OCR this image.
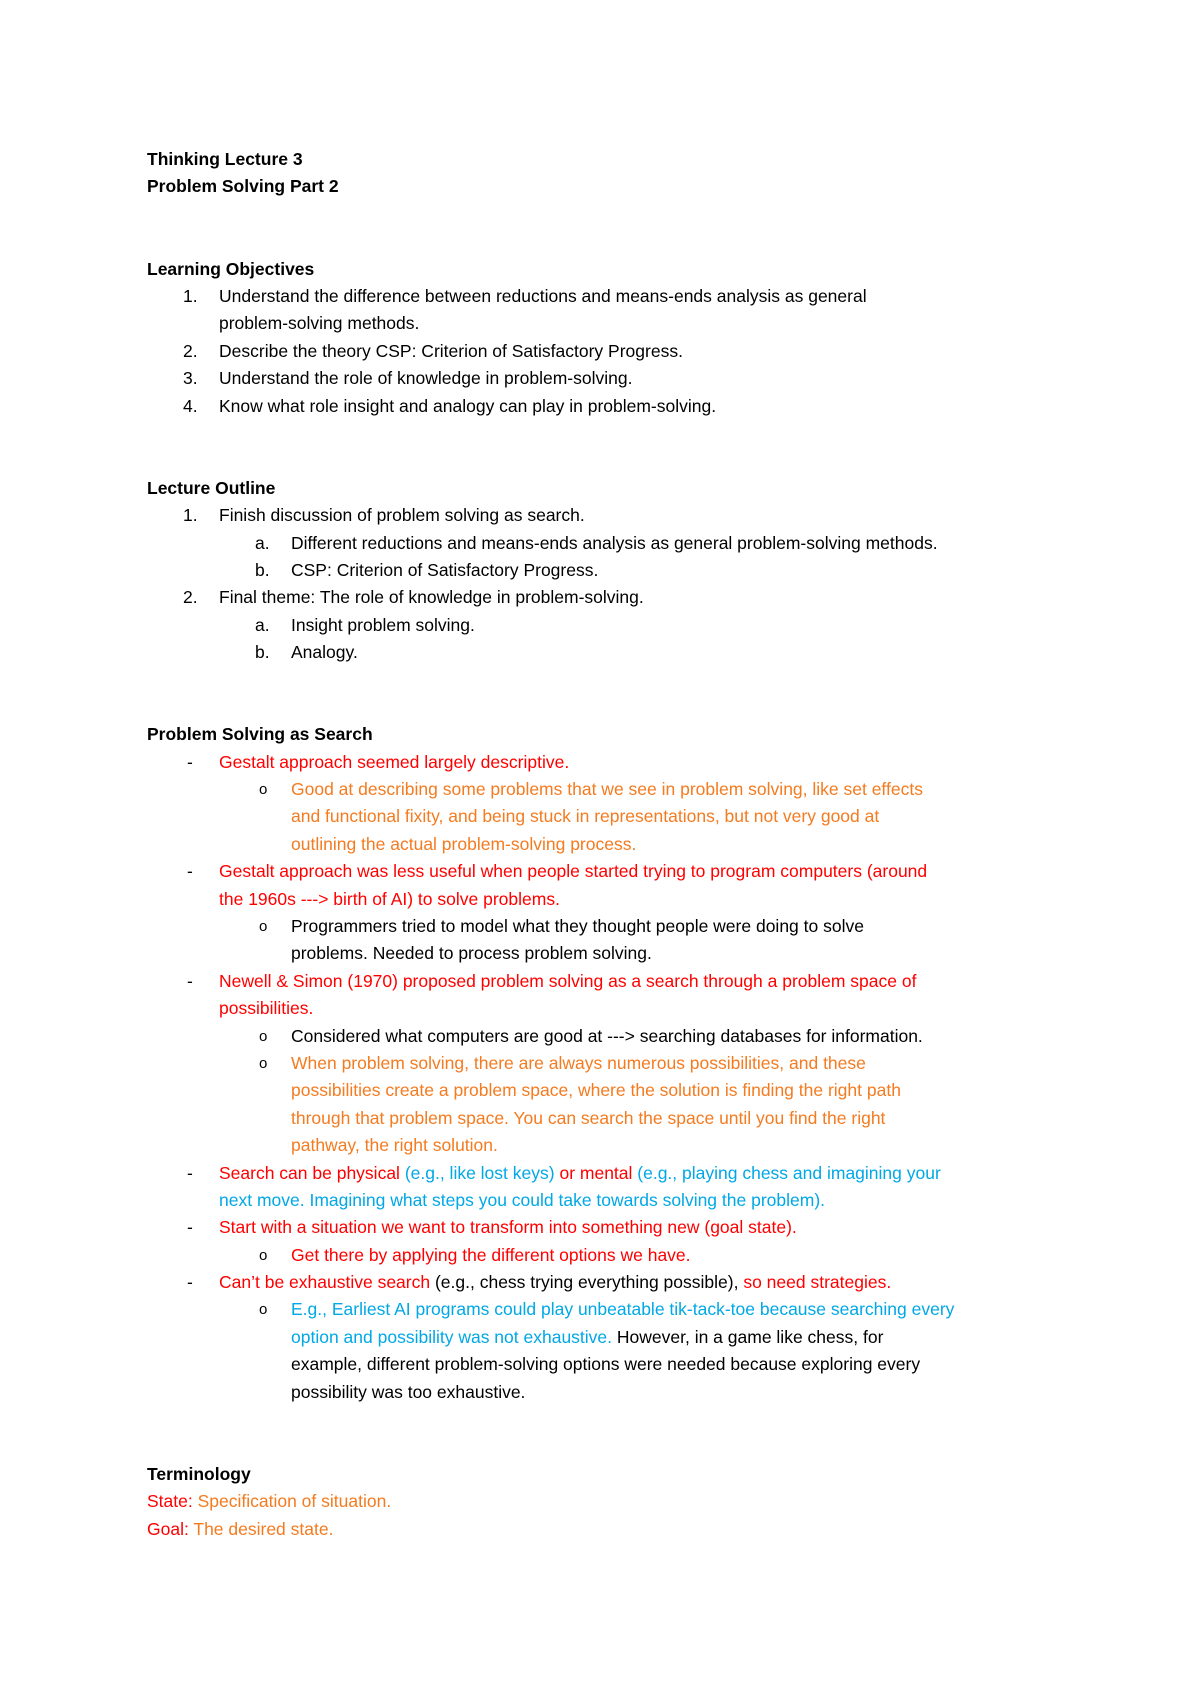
Thinking Lecture 3
Problem Solving Part 2
Learning Objectives
1. Understand the difference between reductions and means-ends analysis as general
problem-solving methods.
2. Describe the theory CSP: Criterion of Satisfactory Progress.
3. Understand the role of knowledge in problem-solving.
4. Know what role insight and analogy can play in problem-solving.
Lecture Outline
1. Finish discussion of problem solving as search.
a. Different reductions and means-ends analysis as general problem-solving methods.
b. CSP: Criterion of Satisfactory Progress.
2. Final theme: The role of knowledge in problem-solving.
a. Insight problem solving.
b. Analogy.
Problem Solving as Search
- Gestalt approach seemed largely descriptive.
o Good at describing some problems that we see in problem solving, like set effects
and functional fixity, and being stuck in representations, but not very good at
outlining the actual problem-solving process.
- Gestalt approach was less useful when people started trying to program computers (around
the 1960s ---> birth of AI) to solve problems.
o Programmers tried to model what they thought people were doing to solve
problems. Needed to process problem solving.
- Newell & Simon (1970) proposed problem solving as a search through a problem space of
possibilities.
o Considered what computers are good at ---> searching databases for information.
o When problem solving, there are always numerous possibilities, and these
possibilities create a problem space, where the solution is finding the right path
through that problem space. You can search the space until you find the right
pathway, the right solution.
- Search can be physical (e.g., like lost keys) or mental (e.g., playing chess and imagining your
next move. Imagining what steps you could take towards solving the problem).
- Start with a situation we want to transform into something new (goal state).
o Get there by applying the different options we have.
- Can’t be exhaustive search (e.g., chess trying everything possible), so need strategies.
o E.g., Earliest AI programs could play unbeatable tik-tack-toe because searching every
option and possibility was not exhaustive. However, in a game like chess, for
example, different problem-solving options were needed because exploring every
possibility was too exhaustive.
Terminology
State: Specification of situation.
Goal: The desired state.
